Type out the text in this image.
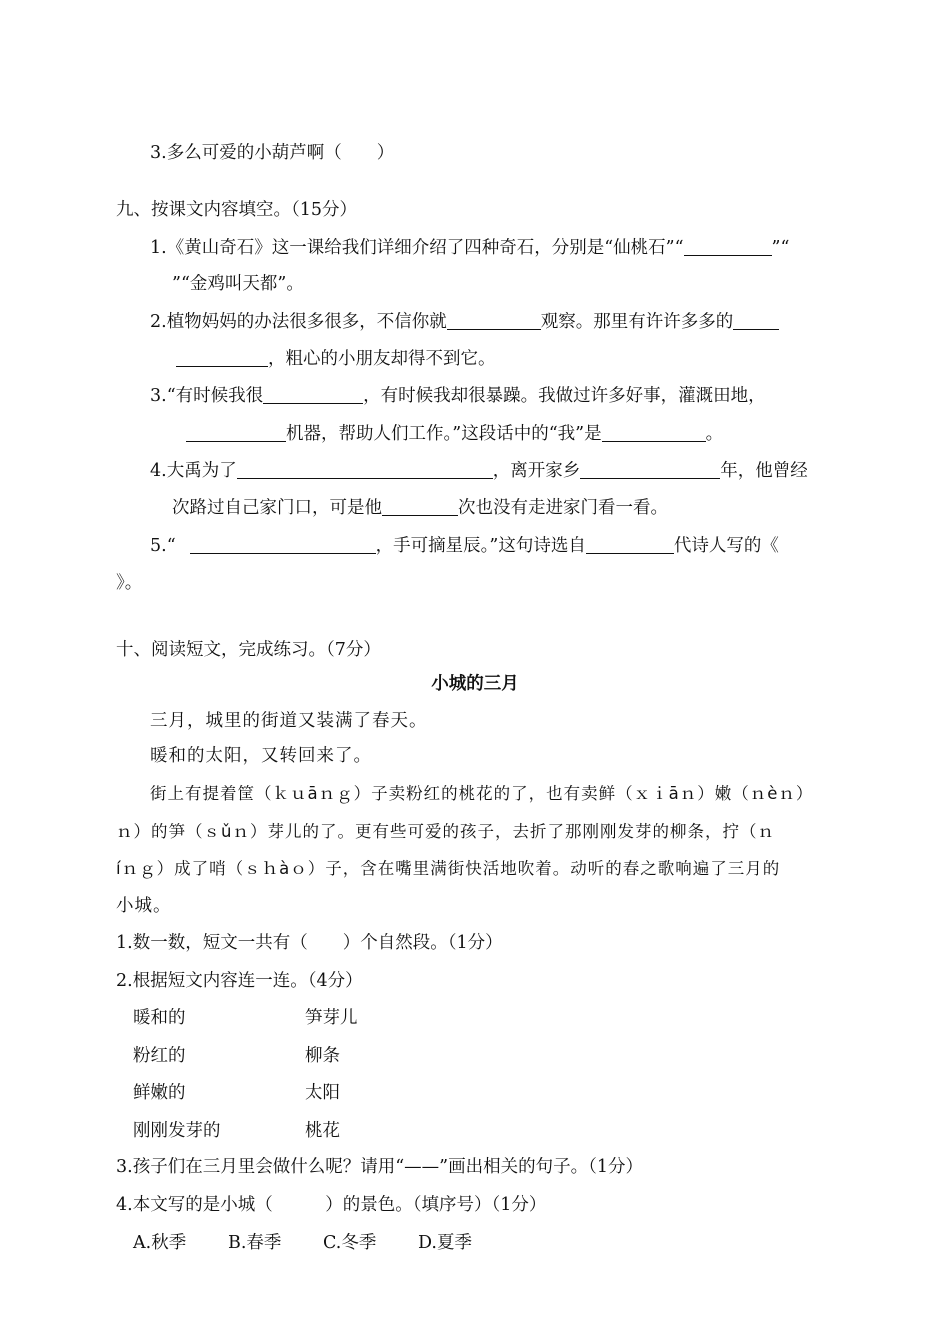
3.多么可爱的小葫芦啊（　　）
九、按课文内容填空。（15分）
1.《黄山奇石》这一课给我们详细介绍了四种奇石，分别是“仙桃石”“	”“
”“金鸡叫天都”。
2.植物妈妈的办法很多很多，不信你就	观察。那里有许许多多的
，粗心的小朋友却得不到它。
3.“有时候我很	，有时候我却很暴躁。我做过许多好事，灌溉田地，
机器，帮助人们工作。”这段话中的“我”是	。
4.大禹为了	，离开家乡	年，他曾经
次路过自己家门口，可是他	次也没有走进家门看一看。
5.“	，手可摘星辰。”这句诗选自	代诗人写的《
》。
十、阅读短文，完成练习。（7分）
小城的三月
三月，城里的街道又装满了春天。
暖和的太阳，又转回来了。
街上有提着筐（ｋｕāｎｇ）子卖粉红的桃花的了，也有卖鲜（ｘｉāｎ）嫩（ｎèｎ）
ｎ）的笋（ｓǔｎ）芽儿的了。更有些可爱的孩子，去折了那刚刚发芽的柳条，拧（ｎ
íｎｇ）成了哨（ｓｈàｏ）子，含在嘴里满街快活地吹着。动听的春之歌响遍了三月的
小城。
1.数一数，短文一共有（　　）个自然段。（1分）
2.根据短文内容连一连。（4分）
暖和的	笋芽儿
粉红的	柳条
鲜嫩的	太阳
刚刚发芽的	桃花
3.孩子们在三月里会做什么呢？请用“——”画出相关的句子。（1分）
4.本文写的是小城（　　　）的景色。（填序号）（1分）
A.秋季 B.春季 C.冬季 D.夏季
